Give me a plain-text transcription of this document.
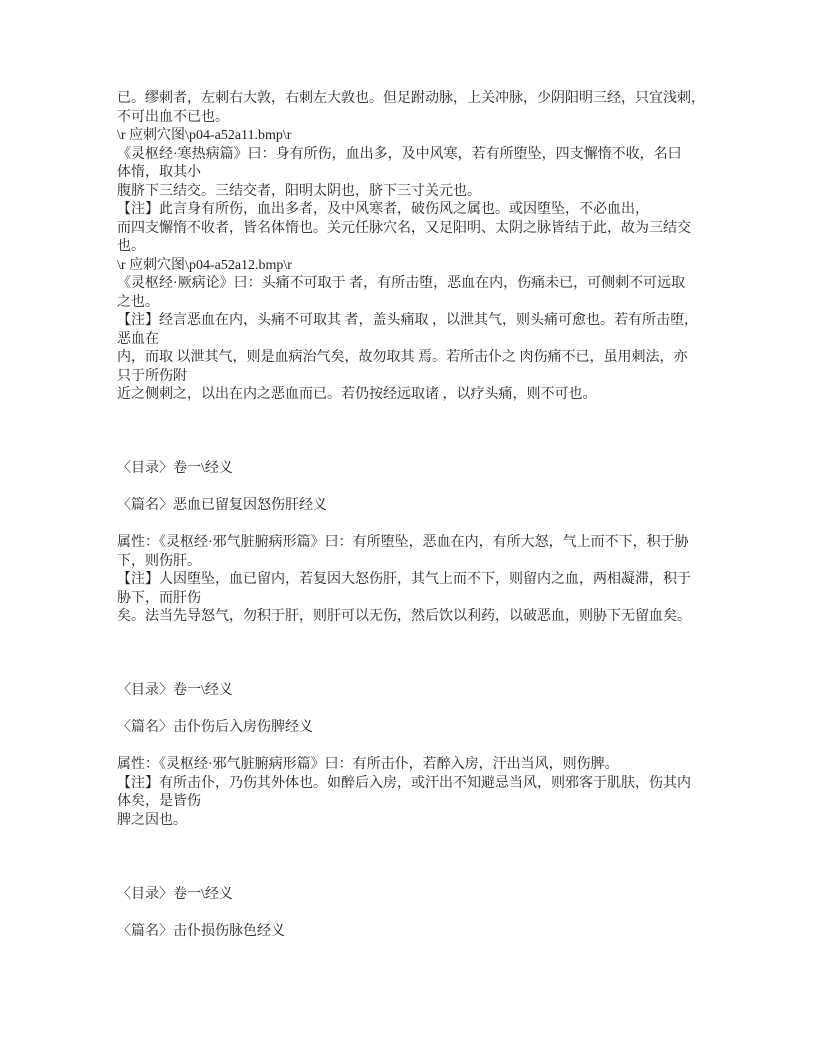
已。缪刺者，左刺右大敦，右刺左大敦也。但足跗动脉，上关冲脉，少阴阳明三经，只宜浅刺，
不可出血不已也。
\r 应刺穴图\p04-a52a11.bmp\r
《灵枢经·寒热病篇》曰：身有所伤，血出多，及中风寒，若有所堕坠，四支懈惰不收，名曰
体惰，取其小
腹脐下三结交。三结交者，阳明太阴也，脐下三寸关元也。
【注】此言身有所伤，血出多者，及中风寒者，破伤风之属也。或因堕坠，不必血出，
而四支懈惰不收者，皆名体惰也。关元任脉穴名，又足阳明、太阴之脉皆结于此，故为三结交
也。
\r 应刺穴图\p04-a52a12.bmp\r
《灵枢经·厥病论》曰：头痛不可取于 者，有所击堕，恶血在内，伤痛未已，可侧刺不可远取
之也。
【注】经言恶血在内，头痛不可取其 者，盖头痛取 ，以泄其气，则头痛可愈也。若有所击堕，
恶血在
内，而取 以泄其气，则是血病治气矣，故勿取其 焉。若所击仆之 肉伤痛不已，虽用刺法，亦
只于所伤附
近之侧刺之，以出在内之恶血而已。若仍按经远取诸 ，以疗头痛，则不可也。
〈目录〉卷一\经义
〈篇名〉恶血已留复因怒伤肝经义
属性：《灵枢经·邪气脏腑病形篇》曰：有所堕坠，恶血在内，有所大怒，气上而不下，积于胁
下，则伤肝。
【注】人因堕坠，血已留内，若复因大怒伤肝，其气上而不下，则留内之血，两相凝滞，积于
胁下，而肝伤
矣。法当先导怒气，勿积于肝，则肝可以无伤，然后饮以利药，以破恶血，则胁下无留血矣。
〈目录〉卷一\经义
〈篇名〉击仆伤后入房伤脾经义
属性：《灵枢经·邪气脏腑病形篇》曰：有所击仆，若醉入房，汗出当风，则伤脾。
【注】有所击仆，乃伤其外体也。如醉后入房，或汗出不知避忌当风，则邪客于肌肤，伤其内
体矣，是皆伤
脾之因也。
〈目录〉卷一\经义
〈篇名〉击仆损伤脉色经义
